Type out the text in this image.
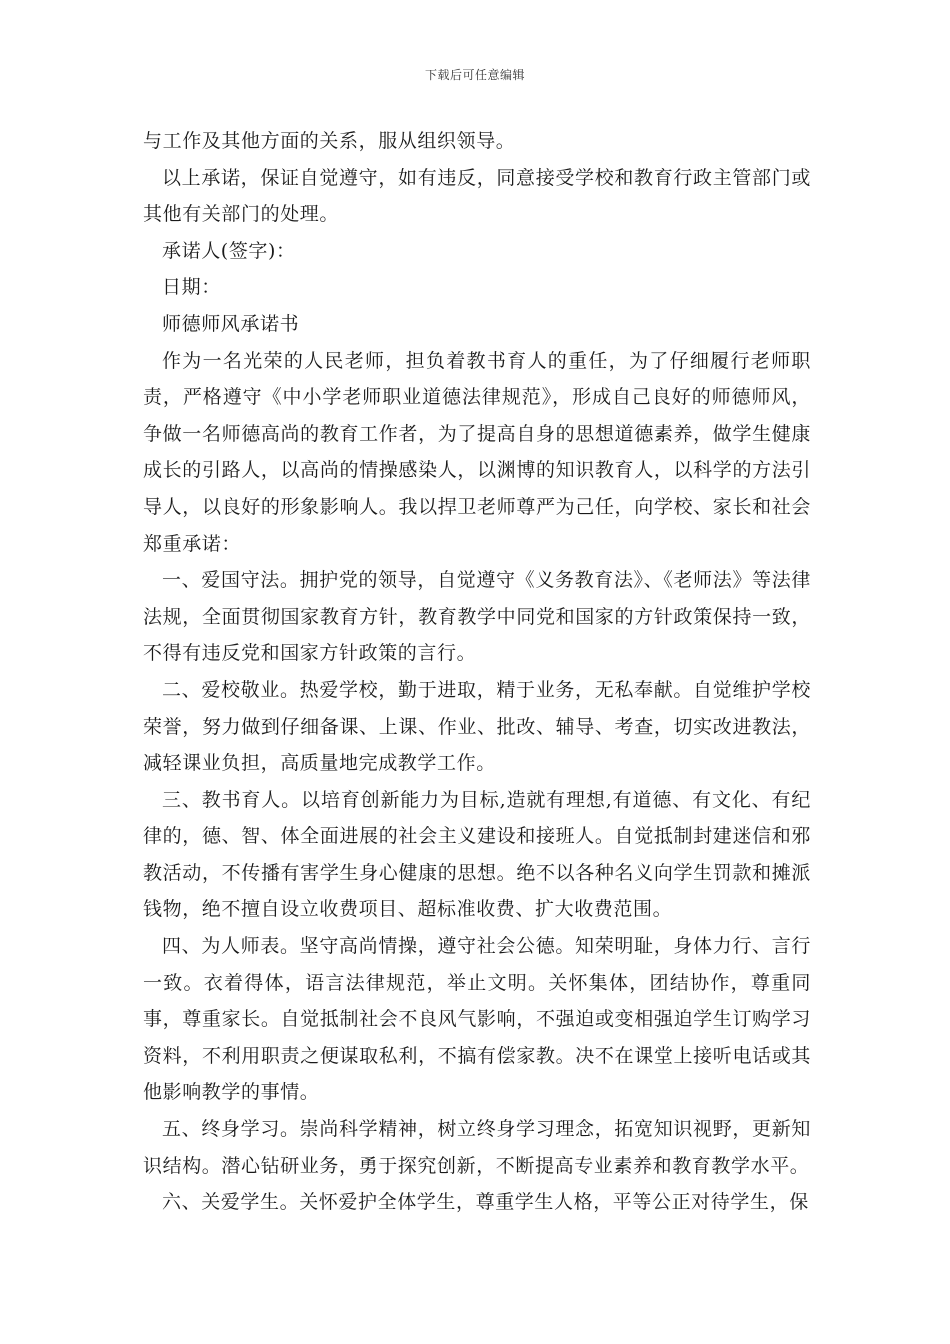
下载后可任意编辑

与工作及其他方面的关系，服从组织领导。

以上承诺，保证自觉遵守，如有违反，同意接受学校和教育行政主管部门或其他有关部门的处理。

承诺人(签字)：

日期：

师德师风承诺书

作为一名光荣的人民老师，担负着教书育人的重任，为了仔细履行老师职责，严格遵守《中小学老师职业道德法律规范》，形成自己良好的师德师风，争做一名师德高尚的教育工作者，为了提高自身的思想道德素养，做学生健康成长的引路人，以高尚的情操感染人，以渊博的知识教育人，以科学的方法引导人，以良好的形象影响人。我以捍卫老师尊严为己任，向学校、家长和社会郑重承诺：

一、爱国守法。拥护党的领导，自觉遵守《义务教育法》、《老师法》等法律法规，全面贯彻国家教育方针，教育教学中同党和国家的方针政策保持一致，不得有违反党和国家方针政策的言行。

二、爱校敬业。热爱学校，勤于进取，精于业务，无私奉献。自觉维护学校荣誉，努力做到仔细备课、上课、作业、批改、辅导、考查，切实改进教法，减轻课业负担，高质量地完成教学工作。

三、教书育人。以培育创新能力为目标,造就有理想,有道德、有文化、有纪律的，德、智、体全面进展的社会主义建设和接班人。自觉抵制封建迷信和邪教活动，不传播有害学生身心健康的思想。绝不以各种名义向学生罚款和摊派钱物，绝不擅自设立收费项目、超标准收费、扩大收费范围。

四、为人师表。坚守高尚情操，遵守社会公德。知荣明耻，身体力行、言行一致。衣着得体，语言法律规范，举止文明。关怀集体，团结协作，尊重同事，尊重家长。自觉抵制社会不良风气影响，不强迫或变相强迫学生订购学习资料，不利用职责之便谋取私利，不搞有偿家教。决不在课堂上接听电话或其他影响教学的事情。

五、终身学习。崇尚科学精神，树立终身学习理念，拓宽知识视野，更新知识结构。潜心钻研业务，勇于探究创新，不断提高专业素养和教育教学水平。

六、关爱学生。关怀爱护全体学生，尊重学生人格，平等公正对待学生，保
